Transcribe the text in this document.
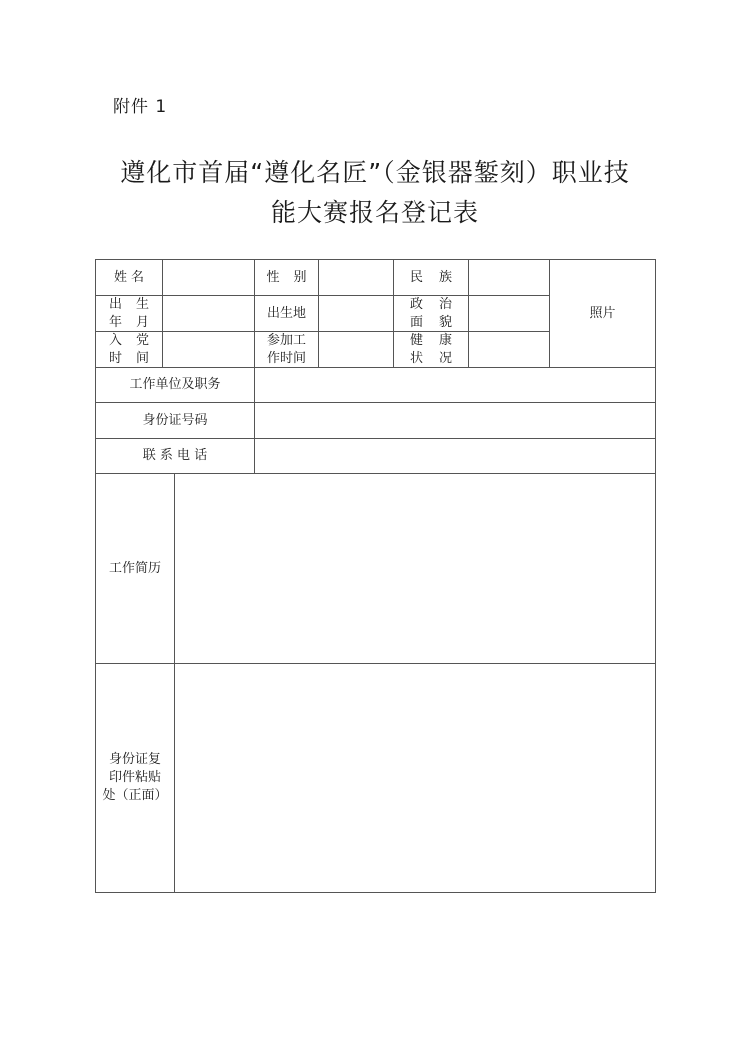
附件 1
遵化市首届“遵化名匠”（金银器錾刻）职业技
能大赛报名登记表
姓 名	性 别	民 族
照片
出 生
年 月
出生地
政 治
面 貌
入 党
时 间
参加工
作时间
健 康
状 况
工作单位及职务
身份证号码
联 系 电 话
工作简历
身份证复
印件粘贴
处（正面）
